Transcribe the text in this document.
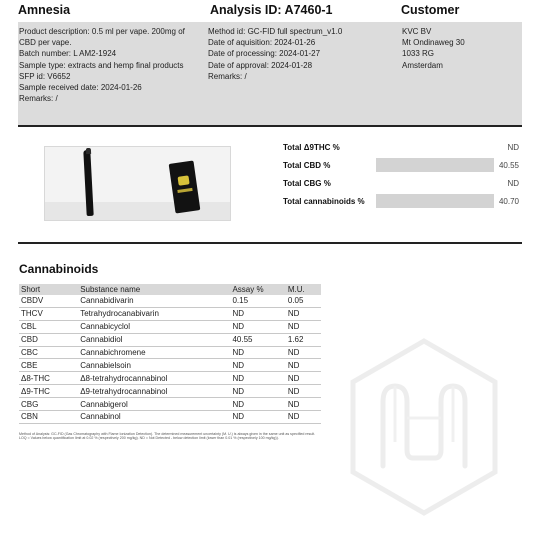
Amnesia	Analysis ID: A7460-1	Customer
Product description: 0.5 ml per vape. 200mg of CBD per vape.
Batch number: L AM2-1924
Sample type: extracts and hemp final products
SFP id: V6652
Sample received date: 2024-01-26
Remarks: /
Method id: GC-FID full spectrum_v1.0
Date of aquisition: 2024-01-26
Date of processing: 2024-01-27
Date of approval: 2024-01-28
Remarks: /
KVC BV
Mt Ondinaweg 30
1033 RG
Amsterdam
Total Δ9THC %	ND
Total CBD %	40.55
Total CBG %	ND
Total cannabinoids %	40.70
Cannabinoids
Short	Substance name	Assay %	M.U.
CBDV	Cannabidivarin	0.15	0.05
THCV	Tetrahydrocanabivarin	ND	ND
CBL	Cannabicyclol	ND	ND
CBD	Cannabidiol	40.55	1.62
CBC	Cannabichromene	ND	ND
CBE	Cannabielsoin	ND	ND
Δ8-THC	Δ8-tetrahydrocannabinol	ND	ND
Δ9-THC	Δ9-tetrahydrocannabinol	ND	ND
CBG	Cannabigerol	ND	ND
CBN	Cannabinol	ND	ND
Method of Analysis: GC-FID (Gas Chromatography with Flame Ionization Detection). The determined measurement uncertainty (M. U.) is always given in the same unit as specified result. LOQ = Values below quantification limit at 0.02 % (respectively 200 mg/kg). ND = Not Detected - below detection limit (lower than 0.01 % (respectively 100 mg/kg)).
